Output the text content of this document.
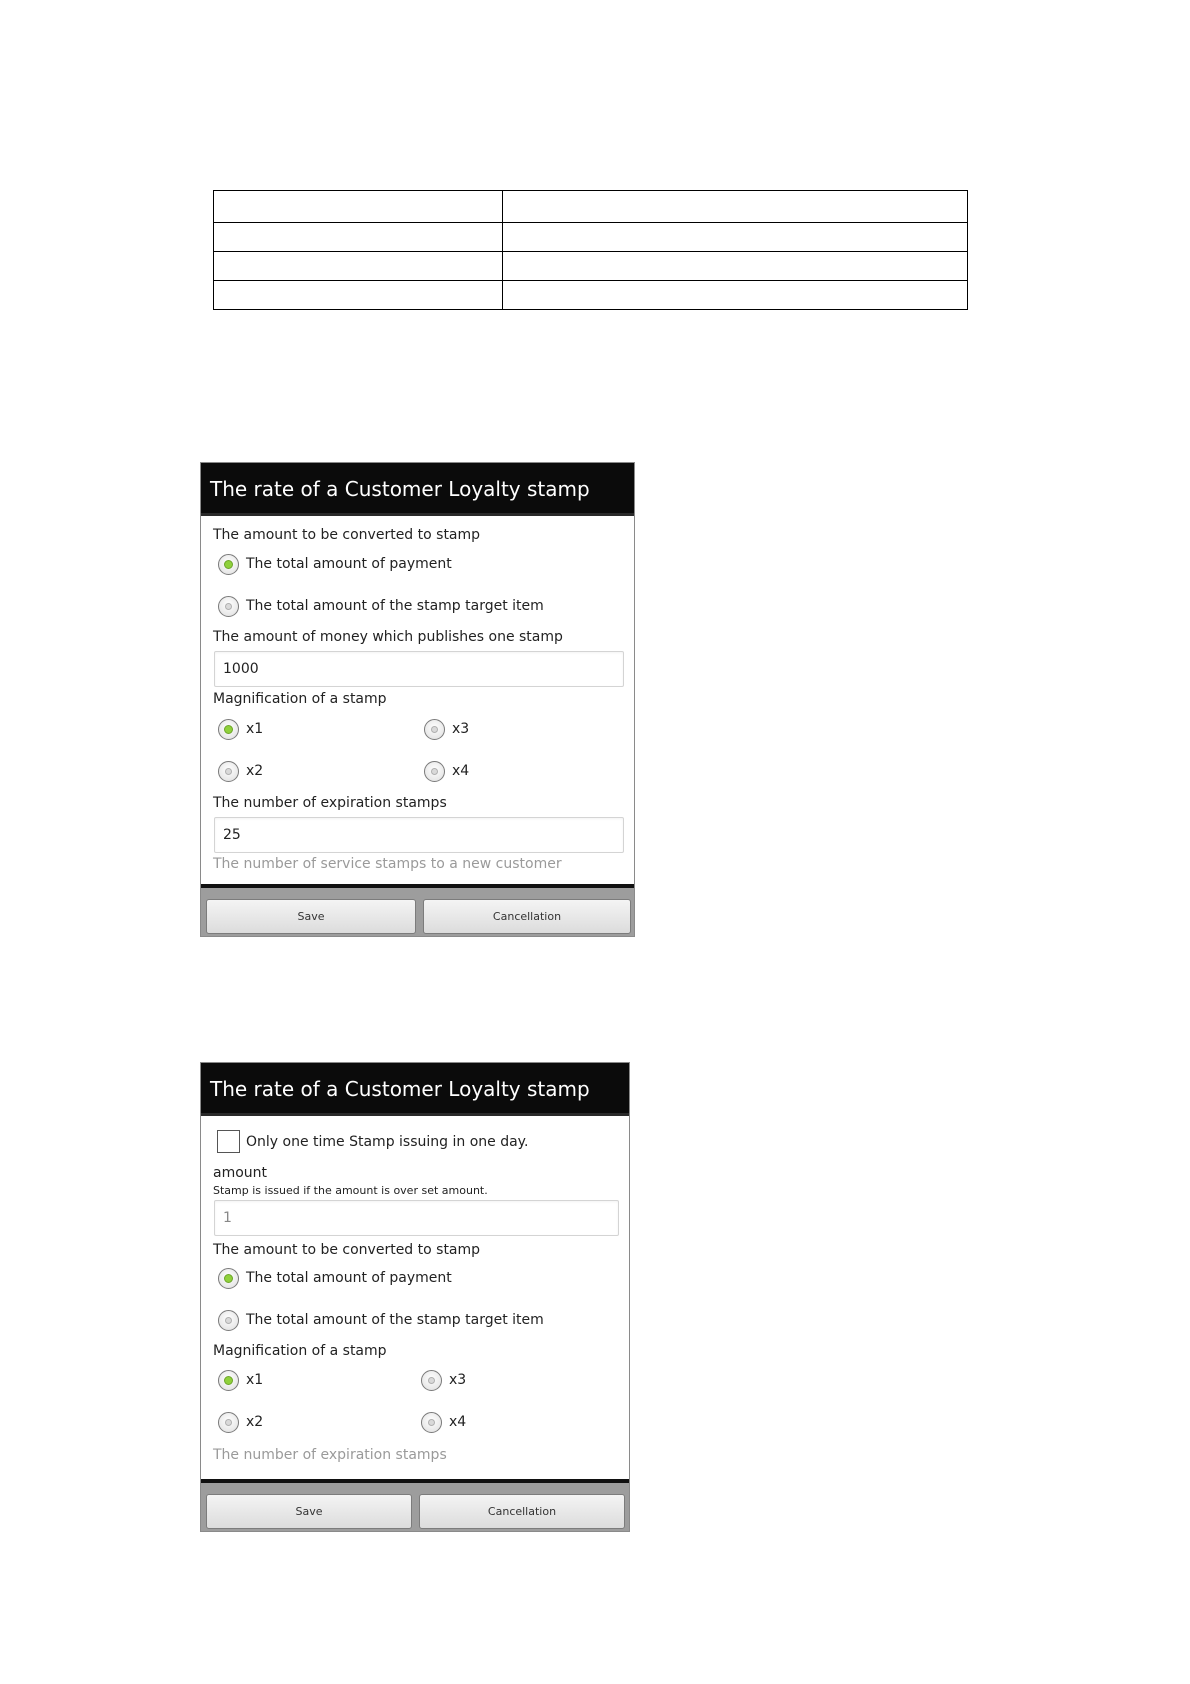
The rate of a Customer Loyalty stamp
The amount to be converted to stamp
The total amount of payment
The total amount of the stamp target item
The amount of money which publishes one stamp
1000
Magnification of a stamp
x1	x3
x2	x4
The number of expiration stamps
25
The number of service stamps to a new customer
Save	Cancellation
The rate of a Customer Loyalty stamp
Only one time Stamp issuing in one day.
amount
Stamp is issued if the amount is over set amount.
1
The amount to be converted to stamp
The total amount of payment
The total amount of the stamp target item
Magnification of a stamp
x1	x3
x2	x4
The number of expiration stamps
Save	Cancellation
